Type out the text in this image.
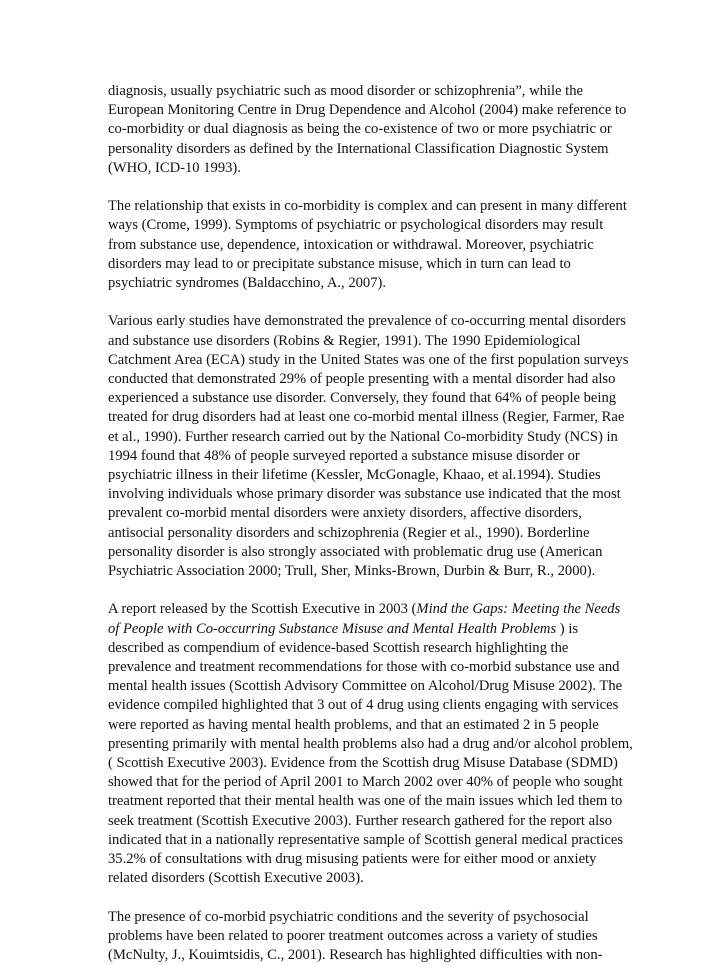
diagnosis, usually psychiatric such as mood disorder or schizophrenia”, while the
European Monitoring Centre in Drug Dependence and Alcohol (2004) make reference to
co-morbidity or dual diagnosis as being the co-existence of two or more psychiatric or
personality disorders as defined by the International Classification Diagnostic System
(WHO, ICD-10 1993).

The relationship that exists in co-morbidity is complex and can present in many different
ways (Crome, 1999). Symptoms of psychiatric or psychological disorders may result
from substance use, dependence, intoxication or withdrawal. Moreover, psychiatric
disorders may lead to or precipitate substance misuse, which in turn can lead to
psychiatric syndromes (Baldacchino, A., 2007).

Various early studies have demonstrated the prevalence of co-occurring mental disorders
and substance use disorders (Robins & Regier, 1991). The 1990 Epidemiological
Catchment Area (ECA) study in the United States was one of the first population surveys
conducted that demonstrated 29% of people presenting with a mental disorder had also
experienced a substance use disorder. Conversely, they found that 64% of people being
treated for drug disorders had at least one co-morbid mental illness (Regier, Farmer, Rae
et al., 1990). Further research carried out by the National Co-morbidity Study (NCS) in
1994 found that 48% of people surveyed reported a substance misuse disorder or
psychiatric illness in their lifetime (Kessler, McGonagle, Khaao, et al.1994). Studies
involving individuals whose primary disorder was substance use indicated that the most
prevalent co-morbid mental disorders were anxiety disorders, affective disorders,
antisocial personality disorders and schizophrenia (Regier et al., 1990). Borderline
personality disorder is also strongly associated with problematic drug use (American
Psychiatric Association 2000; Trull, Sher, Minks-Brown, Durbin & Burr, R., 2000).

A report released by the Scottish Executive in 2003 (Mind the Gaps: Meeting the Needs
of People with Co-occurring Substance Misuse and Mental Health Problems ) is
described as compendium of evidence-based Scottish research highlighting the
prevalence and treatment recommendations for those with co-morbid substance use and
mental health issues (Scottish Advisory Committee on Alcohol/Drug Misuse 2002). The
evidence compiled highlighted that 3 out of 4 drug using clients engaging with services
were reported as having mental health problems, and that an estimated 2 in 5 people
presenting primarily with mental health problems also had a drug and/or alcohol problem,
( Scottish Executive 2003). Evidence from the Scottish drug Misuse Database (SDMD)
showed that for the period of April 2001 to March 2002 over 40% of people who sought
treatment reported that their mental health was one of the main issues which led them to
seek treatment (Scottish Executive 2003). Further research gathered for the report also
indicated that in a nationally representative sample of Scottish general medical practices
35.2% of consultations with drug misusing patients were for either mood or anxiety
related disorders (Scottish Executive 2003).

The presence of co-morbid psychiatric conditions and the severity of psychosocial
problems have been related to poorer treatment outcomes across a variety of studies
(McNulty, J., Kouimtsidis, C., 2001). Research has highlighted difficulties with non-
